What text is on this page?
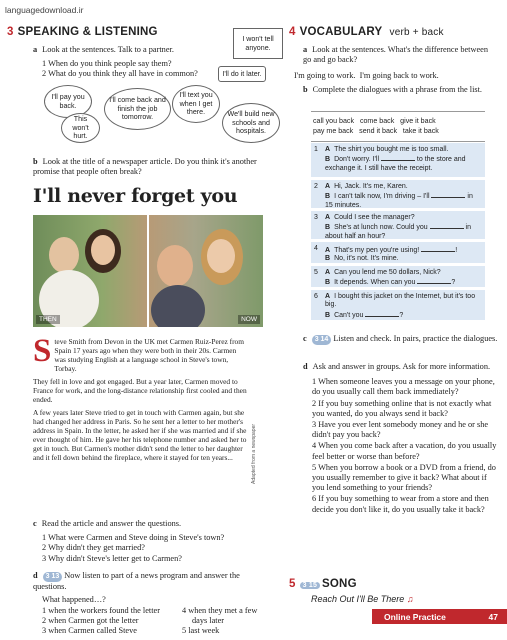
languagedownload.ir
3 SPEAKING & LISTENING
a Look at the sentences. Talk to a partner.
1 When do you think people say them?
2 What do you think they all have in common?
I won't tell anyone.
I'll do it later.
I'll pay you back.
I'll come back and finish the job tomorrow.
I'll text you when I get there.
This won't hurt.
We'll build new schools and hospitals.
b Look at the title of a newspaper article. Do you think it's another promise that people often break?
I'll never forget you
THEN	NOW

Steve Smith from Devon in the UK met Carmen Ruiz-Perez from Spain 17 years ago when they were both in their 20s. Carmen was studying English at a language school in Steve's town, Torbay.

They fell in love and got engaged. But a year later, Carmen moved to France for work, and the long-distance relationship first cooled and then ended.

A few years later Steve tried to get in touch with Carmen again, but she had changed her address in Paris. So he sent her a letter to her mother's address in Spain. In the letter, he asked her if she was married and if she ever thought of him. He gave her his telephone number and asked her to get in touch. But Carmen's mother didn't send the letter to her daughter and it fell down behind the fireplace, where it stayed for ten years...	Adapted from a newspaper
c Read the article and answer the questions.
1 What were Carmen and Steve doing in Steve's town?
2 Why didn't they get married?
3 Why didn't Steve's letter get to Carmen?
d 3 13 Now listen to part of a news program and answer the questions.
What happened…?
1 when the workers found the letter
2 when Carmen got the letter
3 when Carmen called Steve
4 when they met a few
days later
5 last week
4 VOCABULARY verb + back
a Look at the sentences. What's the difference between go and go back?
I'm going to work. I'm going back to work.
b Complete the dialogues with a phrase from the list.
call you back come back give it back
pay me back send it back take it back
1 A The shirt you bought me is too small.
B Don't worry. I'll	to the store and exchange it. I still have the receipt.
2 A Hi, Jack. It's me, Karen.
B I can't talk now, I'm driving – I'll	in 15 minutes.
3 A Could I see the manager?
B She's at lunch now. Could you	in about half an hour?
4 A That's my pen you're using!	!
B No, it's not. It's mine.
5 A Can you lend me 50 dollars, Nick?
B It depends. When can you	?
6 A I bought this jacket on the Internet, but it's too big.
B Can't you	?
c 3 14 Listen and check. In pairs, practice the dialogues.
d Ask and answer in groups. Ask for more information.
1 When someone leaves you a message on your phone, do you usually call them back immediately?
2 If you buy something online that is not exactly what you wanted, do you always send it back?
3 Have you ever lent somebody money and he or she didn't pay you back?
4 When you come back after a vacation, do you usually feel better or worse than before?
5 When you borrow a book or a DVD from a friend, do you usually remember to give it back? What about if you lend something to your friends?
6 If you buy something to wear from a store and then decide you don't like it, do you usually take it back?
5 3 15 SONG
Reach Out I'll Be There ♫
Online Practice	47
